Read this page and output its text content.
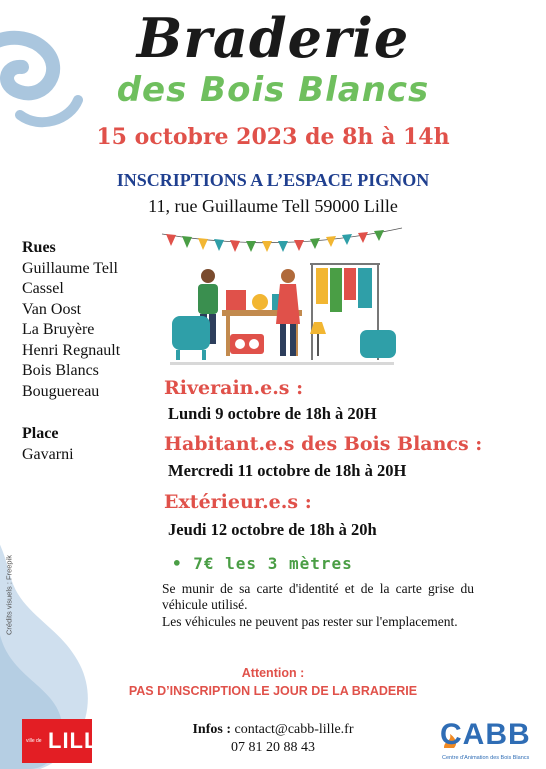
Braderie
des Bois Blancs
15 octobre 2023 de 8h à 14h
INSCRIPTIONS A L’ESPACE PIGNON
11, rue Guillaume Tell 59000 Lille
Rues
Guillaume Tell
Cassel
Van Oost
La Bruyère
Henri Regnault
Bois Blancs
Bouguereau
Place
Gavarni
Riverain.e.s :
Lundi 9 octobre de 18h à 20H
Habitant.e.s des Bois Blancs :
Mercredi 11 octobre de 18h à 20H
Extérieur.e.s :
Jeudi 12 octobre de 18h à 20h
• 7€ les 3 mètres

Se munir de sa carte d'identité et de la carte grise du véhicule utilisé.

Les véhicules ne peuvent pas rester sur l'emplacement.

Attention :
PAS D’INSCRIPTION LE JOUR DE LA BRADERIE
Infos : contact@cabb-lille.fr
07 81 20 88 43
Crédits visuels : Freepik
ville de LILLE	CABB
Centre d'Animation des Bois Blancs
